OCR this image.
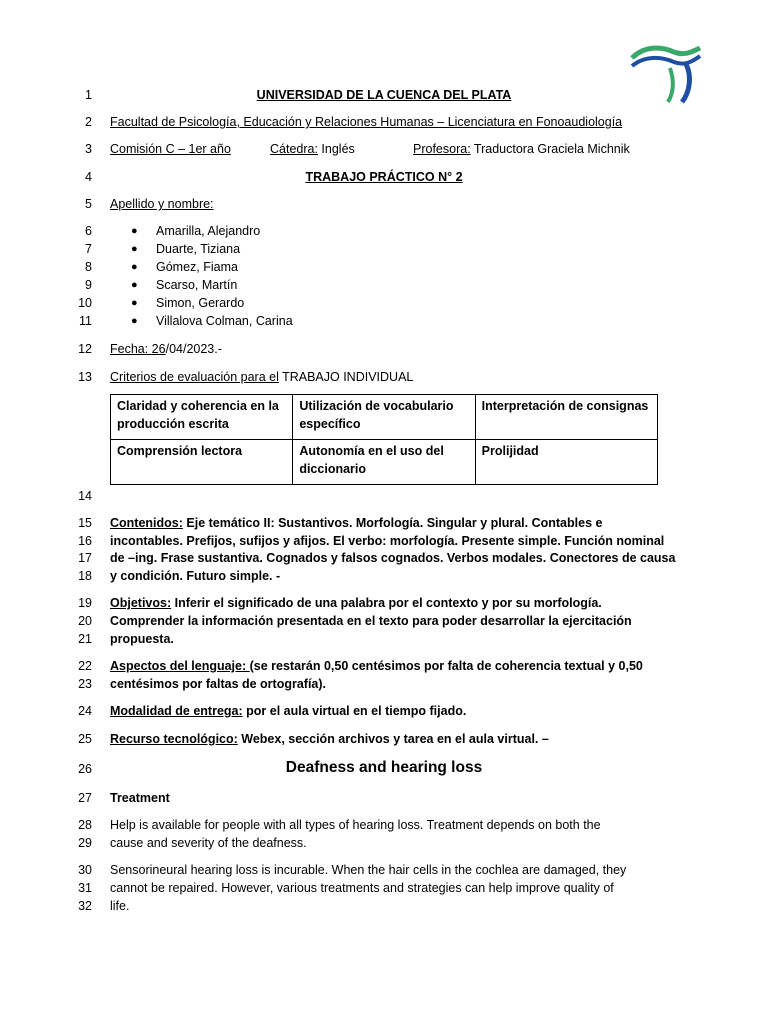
1
2
3
4
5
6
7
8
9
10
11
12
13
14
15
16
17
18
19
20
21
22
23
24
25
26
27
28
29
30
31
32
UNIVERSIDAD DE LA CUENCA DEL PLATA
Facultad de Psicología, Educación y Relaciones Humanas – Licenciatura en Fonoaudiología
Comisión C – 1er año	Cátedra: Inglés	Profesora: Traductora Graciela Michnik
TRABAJO PRÁCTICO N° 2
Apellido y nombre:
● Amarilla, Alejandro
● Duarte, Tiziana
● Gómez, Fiama
● Scarso, Martín
● Simon, Gerardo
● Villalova Colman, Carina
Fecha: 26/04/2023.-
Criterios de evaluación para el TRABAJO INDIVIDUAL
Claridad y coherencia en la producción escrita	Utilización de vocabulario específico	Interpretación de consignas
Comprensión lectora	Autonomía en el uso del diccionario	Prolijidad
Contenidos: Eje temático II: Sustantivos. Morfología. Singular y plural. Contables e
incontables. Prefijos, sufijos y afijos. El verbo: morfología. Presente simple. Función nominal
de –ing. Frase sustantiva. Cognados y falsos cognados. Verbos modales. Conectores de causa
y condición. Futuro simple. -
Objetivos: Inferir el significado de una palabra por el contexto y por su morfología.
Comprender la información presentada en el texto para poder desarrollar la ejercitación
propuesta.
Aspectos del lenguaje: (se restarán 0,50 centésimos por falta de coherencia textual y 0,50
centésimos por faltas de ortografía).
Modalidad de entrega: por el aula virtual en el tiempo fijado.
Recurso tecnológico: Webex, sección archivos y tarea en el aula virtual. –
Deafness and hearing loss
Treatment
Help is available for people with all types of hearing loss. Treatment depends on both the
cause and severity of the deafness.
Sensorineural hearing loss is incurable. When the hair cells in the cochlea are damaged, they
cannot be repaired. However, various treatments and strategies can help improve quality of
life.
